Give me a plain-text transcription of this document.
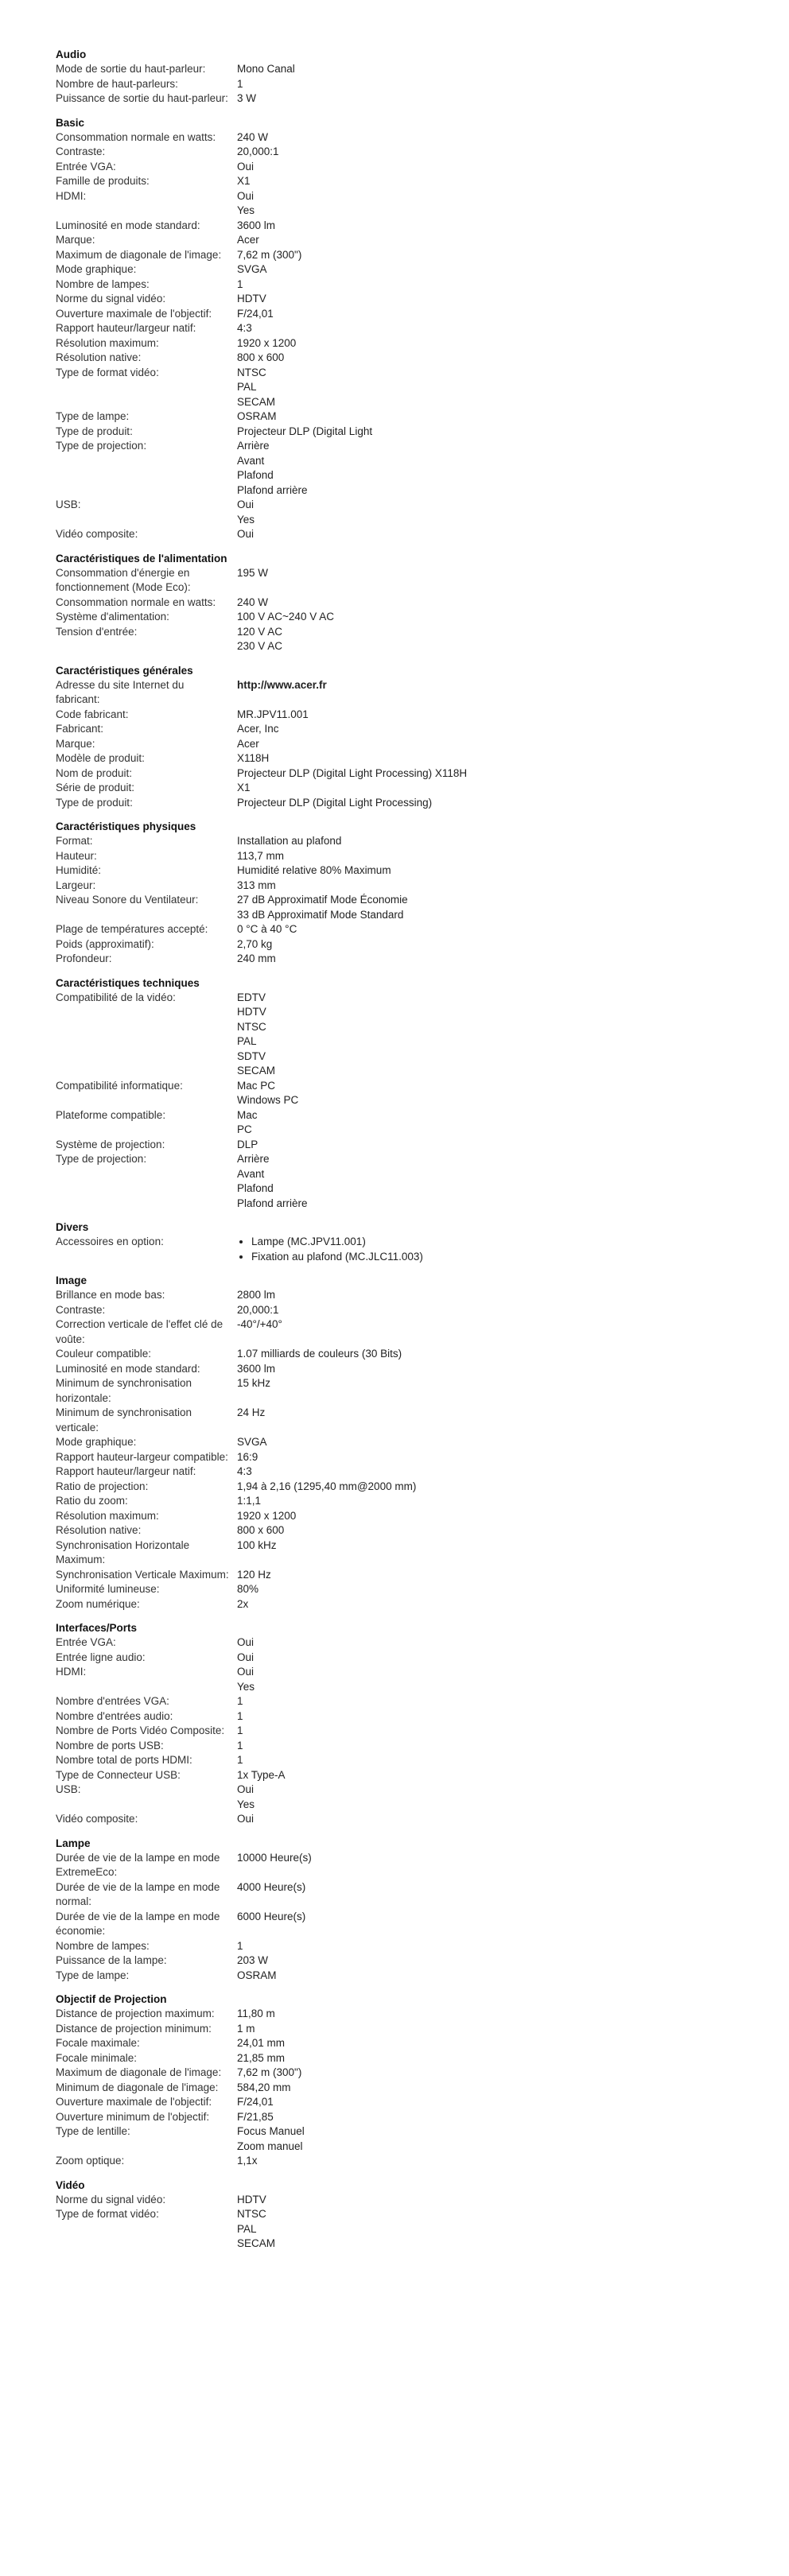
Audio
Mode de sortie du haut-parleur:	Mono Canal
Nombre de haut-parleurs:	1
Puissance de sortie du haut-parleur: 3 W
Basic
Consommation normale en watts:	240 W
Contraste:	20,000:1
Entrée VGA:	Oui
Famille de produits:	X1
HDMI:	Oui
Yes
Luminosité en mode standard:	3600 lm
Marque:	Acer
Maximum de diagonale de l'image:	7,62 m (300")
Mode graphique:	SVGA
Nombre de lampes:	1
Norme du signal vidéo:	HDTV
Ouverture maximale de l'objectif:	F/24,01
Rapport hauteur/largeur natif:	4:3
Résolution maximum:	1920 x 1200
Résolution native:	800 x 600
Type de format vidéo:	NTSC
PAL
SECAM
Type de lampe:	OSRAM
Type de produit:	Projecteur DLP (Digital Light
Type de projection:	Arrière
Avant
Plafond
Plafond arrière
USB:	Oui
Yes
Vidéo composite:	Oui
Caractéristiques de l'alimentation
Consommation d'énergie en fonctionnement (Mode Eco):
195 W
Consommation normale en watts:	240 W
Système d'alimentation:	100 V AC~240 V AC
Tension d'entrée:	120 V AC
230 V AC
Caractéristiques générales
Adresse du site Internet du fabricant:
http://www.acer.fr
Code fabricant:	MR.JPV11.001
Fabricant:	Acer, Inc
Marque:	Acer
Modèle de produit:	X118H
Nom de produit:	Projecteur DLP (Digital Light Processing) X118H
Série de produit:	X1
Type de produit:	Projecteur DLP (Digital Light Processing)
Caractéristiques physiques
Format:	Installation au plafond
Hauteur:	113,7 mm
Humidité:	Humidité relative 80% Maximum
Largeur:	313 mm
Niveau Sonore du Ventilateur:	27 dB Approximatif Mode Économie
33 dB Approximatif Mode Standard
Plage de températures accepté:	0 °C à 40 °C
Poids (approximatif):	2,70 kg
Profondeur:	240 mm
Caractéristiques techniques
Compatibilité de la vidéo:	EDTV
HDTV
NTSC
PAL
SDTV
SECAM
Compatibilité informatique:	Mac PC
Windows PC
Plateforme compatible:	Mac
PC
Système de projection:	DLP
Type de projection:	Arrière
Avant
Plafond
Plafond arrière
Divers
Accessoires en option:	• Lampe (MC.JPV11.001)
• Fixation au plafond (MC.JLC11.003)
Image
Brillance en mode bas:	2800 lm
Contraste:	20,000:1
Correction verticale de l'effet clé de voûte:
-40°/+40°
Couleur compatible:	1.07 milliards de couleurs (30 Bits)
Luminosité en mode standard:	3600 lm
Minimum de synchronisation horizontale:
15 kHz
Minimum de synchronisation verticale:
24 Hz
Mode graphique:	SVGA
Rapport hauteur-largeur compatible: 16:9
Rapport hauteur/largeur natif:	4:3
Ratio de projection:	1,94 à 2,16 (1295,40 mm@2000 mm)
Ratio du zoom:	1:1,1
Résolution maximum:	1920 x 1200
Résolution native:	800 x 600
Synchronisation Horizontale Maximum:
100 kHz
Synchronisation Verticale Maximum: 120 Hz
Uniformité lumineuse:	80%
Zoom numérique:	2x
Interfaces/Ports
Entrée VGA:	Oui
Entrée ligne audio:	Oui
HDMI:	Oui
Yes
Nombre d'entrées VGA:	1
Nombre d'entrées audio:	1
Nombre de Ports Vidéo Composite:	1
Nombre de ports USB:	1
Nombre total de ports HDMI:	1
Type de Connecteur USB:	1x Type-A
USB:	Oui
Yes
Vidéo composite:	Oui
Lampe
Durée de vie de la lampe en mode ExtremeEco:
10000 Heure(s)
Durée de vie de la lampe en mode normal:
4000 Heure(s)
Durée de vie de la lampe en mode économie:
6000 Heure(s)
Nombre de lampes:	1
Puissance de la lampe:	203 W
Type de lampe:	OSRAM
Objectif de Projection
Distance de projection maximum:	11,80 m
Distance de projection minimum:	1 m
Focale maximale:	24,01 mm
Focale minimale:	21,85 mm
Maximum de diagonale de l'image:	7,62 m (300")
Minimum de diagonale de l'image:	584,20 mm
Ouverture maximale de l'objectif:	F/24,01
Ouverture minimum de l'objectif:	F/21,85
Type de lentille:	Focus Manuel
Zoom manuel
Zoom optique:	1,1x
Vidéo
Norme du signal vidéo:	HDTV
Type de format vidéo:	NTSC
PAL
SECAM
